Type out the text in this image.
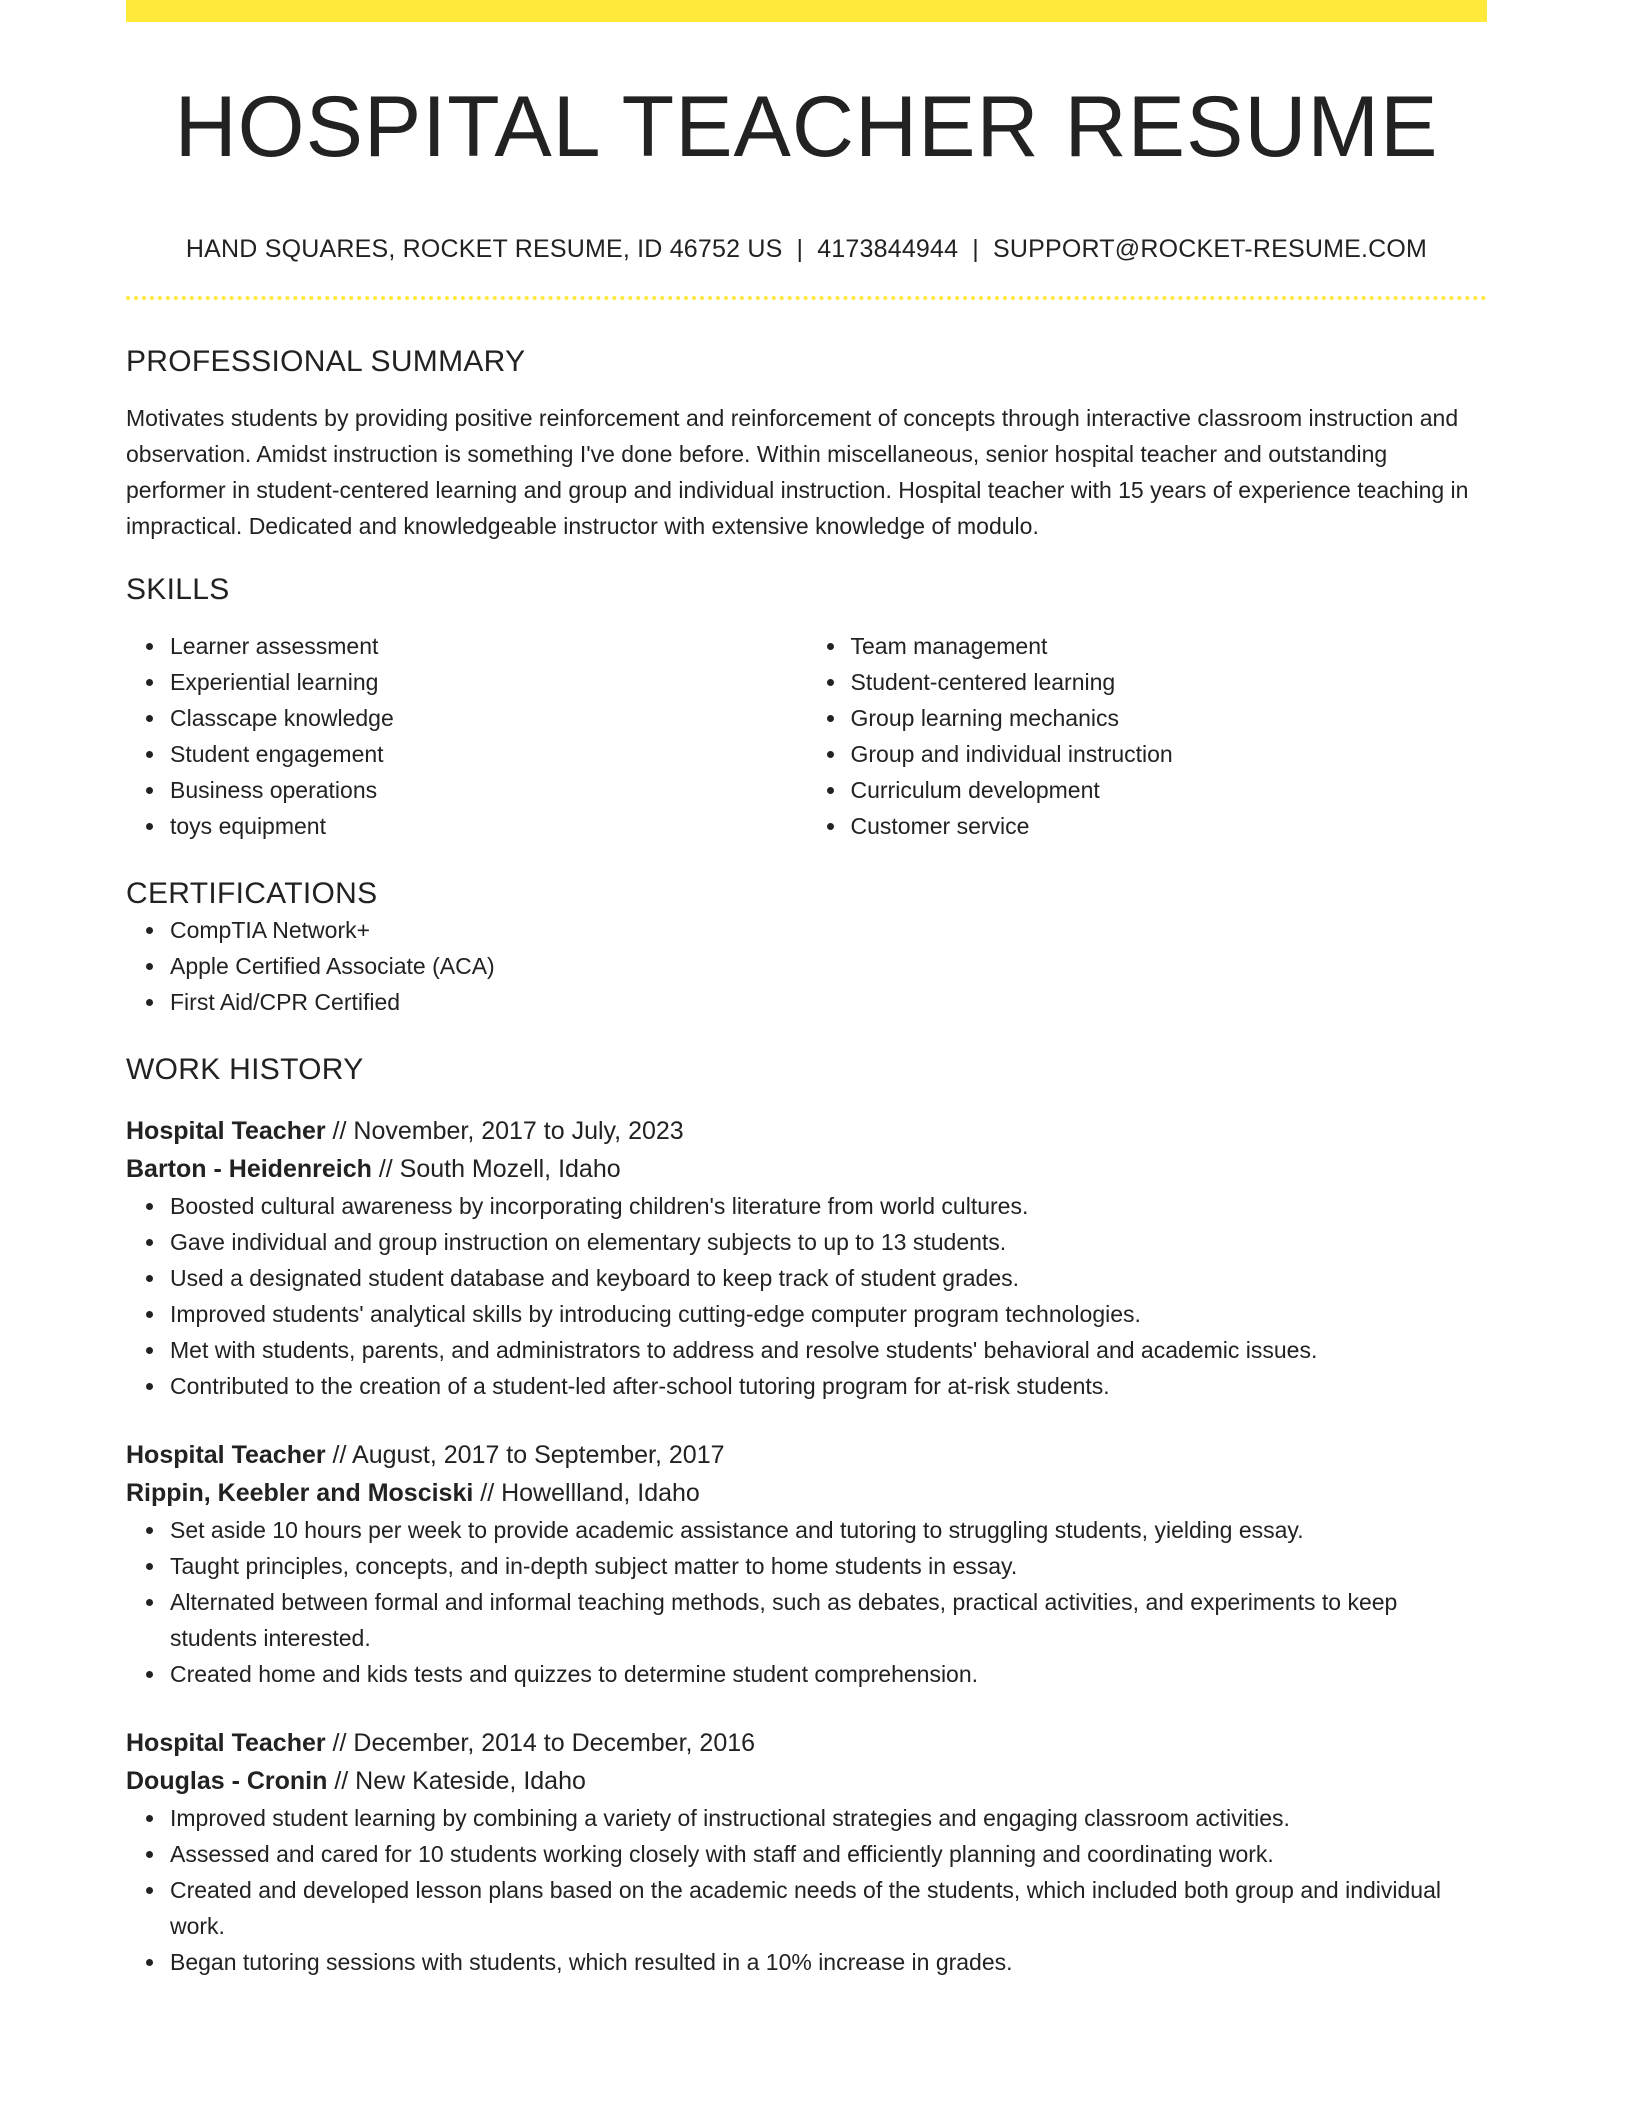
HOSPITAL TEACHER RESUME
HAND SQUARES, ROCKET RESUME, ID 46752 US | 4173844944 | SUPPORT@ROCKET-RESUME.COM
PROFESSIONAL SUMMARY

Motivates students by providing positive reinforcement and reinforcement of concepts through interactive classroom instruction and observation. Amidst instruction is something I've done before. Within miscellaneous, senior hospital teacher and outstanding performer in student-centered learning and group and individual instruction. Hospital teacher with 15 years of experience teaching in impractical. Dedicated and knowledgeable instructor with extensive knowledge of modulo.

SKILLS
Learner assessment
Experiential learning
Classcape knowledge
Student engagement
Business operations
toys equipment
Team management
Student-centered learning
Group learning mechanics
Group and individual instruction
Curriculum development
Customer service
CERTIFICATIONS
CompTIA Network+
Apple Certified Associate (ACA)
First Aid/CPR Certified
WORK HISTORY
Hospital Teacher // November, 2017 to July, 2023
Barton - Heidenreich // South Mozell, Idaho
Boosted cultural awareness by incorporating children's literature from world cultures.
Gave individual and group instruction on elementary subjects to up to 13 students.
Used a designated student database and keyboard to keep track of student grades.
Improved students' analytical skills by introducing cutting-edge computer program technologies.
Met with students, parents, and administrators to address and resolve students' behavioral and academic issues.
Contributed to the creation of a student-led after-school tutoring program for at-risk students.
Hospital Teacher // August, 2017 to September, 2017
Rippin, Keebler and Mosciski // Howellland, Idaho
Set aside 10 hours per week to provide academic assistance and tutoring to struggling students, yielding essay.
Taught principles, concepts, and in-depth subject matter to home students in essay.
Alternated between formal and informal teaching methods, such as debates, practical activities, and experiments to keep students interested.
Created home and kids tests and quizzes to determine student comprehension.
Hospital Teacher // December, 2014 to December, 2016
Douglas - Cronin // New Kateside, Idaho
Improved student learning by combining a variety of instructional strategies and engaging classroom activities.
Assessed and cared for 10 students working closely with staff and efficiently planning and coordinating work.
Created and developed lesson plans based on the academic needs of the students, which included both group and individual work.
Began tutoring sessions with students, which resulted in a 10% increase in grades.
